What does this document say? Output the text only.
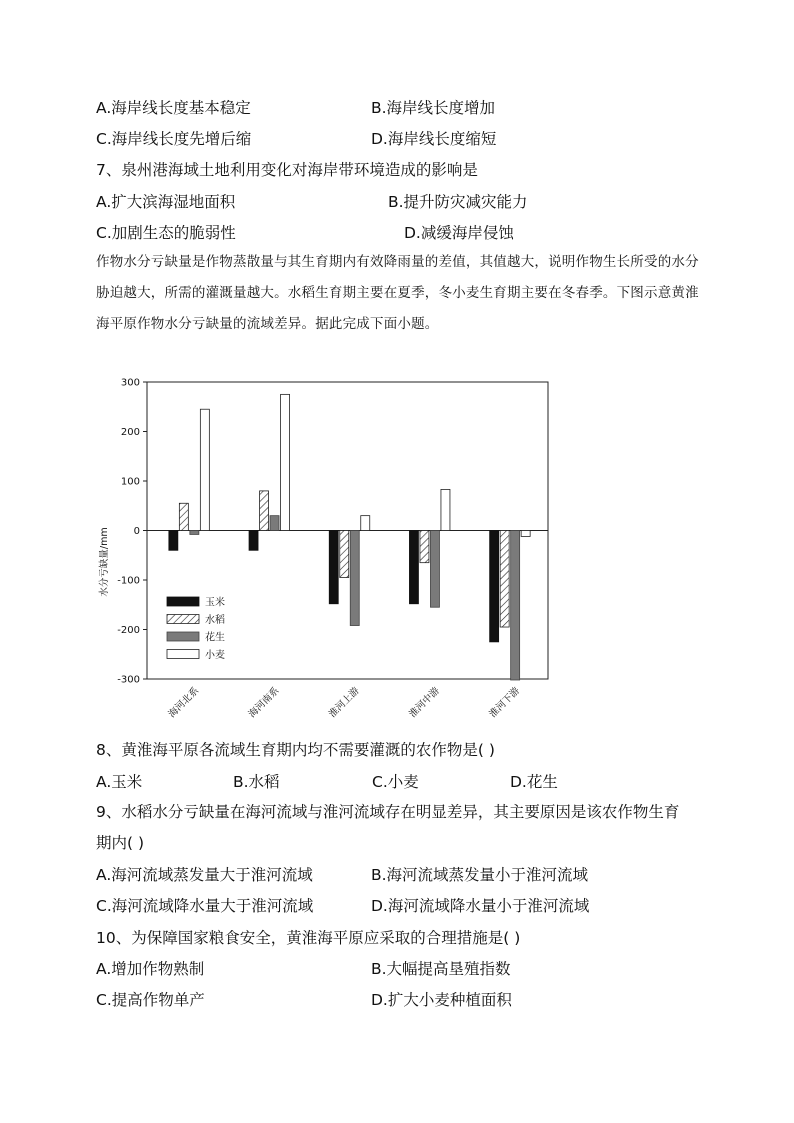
A.海岸线长度基本稳定	B.海岸线长度增加
C.海岸线长度先增后缩	D.海岸线长度缩短
7、泉州港海域土地利用变化对海岸带环境造成的影响是
A.扩大滨海湿地面积	B.提升防灾减灾能力
C.加剧生态的脆弱性	D.减缓海岸侵蚀
作物水分亏缺量是作物蒸散量与其生育期内有效降雨量的差值，其值越大，说明作物生长所受的水分胁迫越大，所需的灌溉量越大。水稻生育期主要在夏季，冬小麦生育期主要在冬春季。下图示意黄淮海平原作物水分亏缺量的流域差异。据此完成下面小题。
水分亏缺量/mm
300
200
100
0
-100
-200
-300
海河北系	海河南系	淮河上游	淮河中游	淮河下游
玉米
水稻
花生
小麦
8、黄淮海平原各流域生育期内均不需要灌溉的农作物是( )
A.玉米	B.水稻	C.小麦	D.花生
9、水稻水分亏缺量在海河流域与淮河流域存在明显差异，其主要原因是该农作物生育
期内( )
A.海河流域蒸发量大于淮河流域	B.海河流域蒸发量小于淮河流域
C.海河流域降水量大于淮河流域	D.海河流域降水量小于淮河流域
10、为保障国家粮食安全，黄淮海平原应采取的合理措施是( )
A.增加作物熟制	B.大幅提高垦殖指数
C.提高作物单产	D.扩大小麦种植面积
